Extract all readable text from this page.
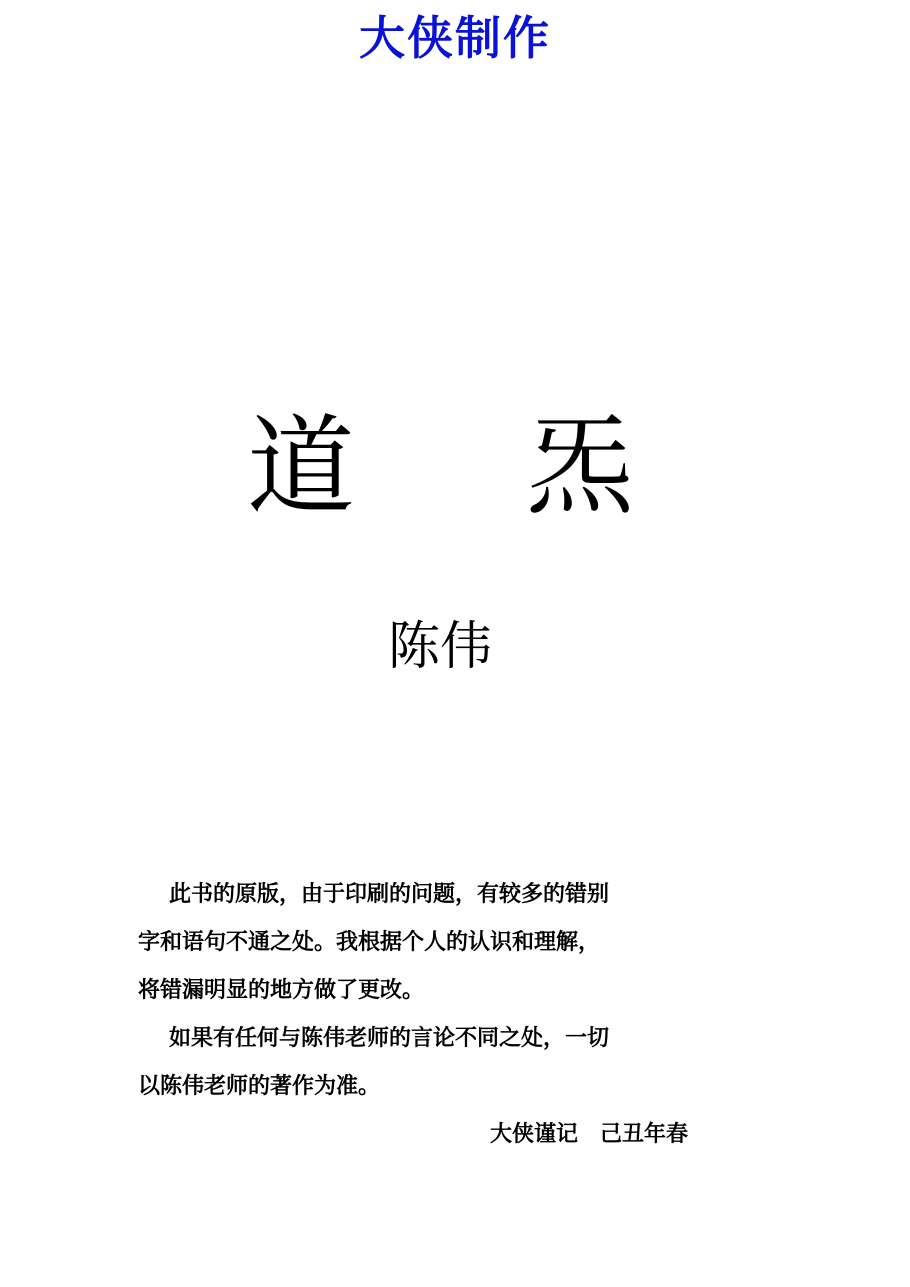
大侠制作
道 炁
陈伟
此书的原版，由于印刷的问题，有较多的错别
字和语句不通之处。我根据个人的认识和理解，
将错漏明显的地方做了更改。
如果有任何与陈伟老师的言论不同之处，一切
以陈伟老师的著作为准。
大侠谨记　己丑年春
